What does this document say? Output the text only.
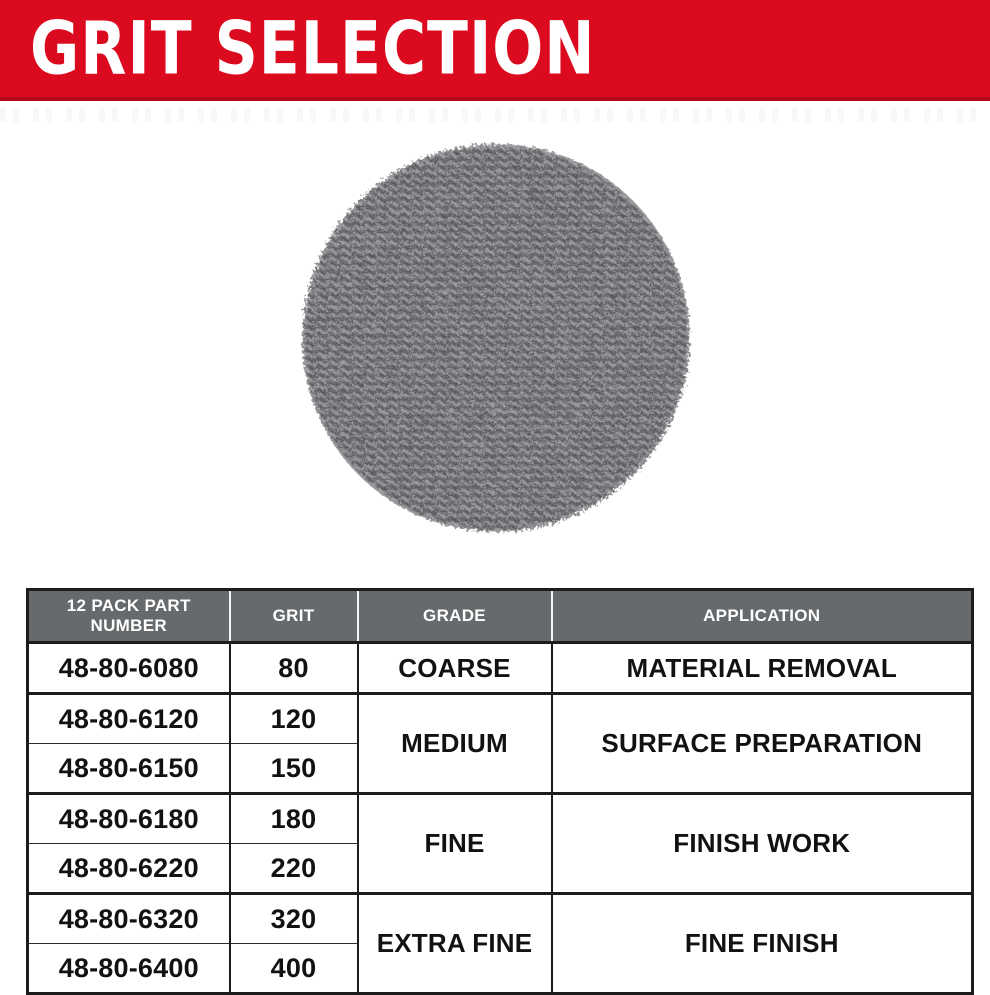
GRIT SELECTION
12 PACK PART NUMBER	GRIT	GRADE	APPLICATION
48-80-6080	80	COARSE	MATERIAL REMOVAL
48-80-6120	120	MEDIUM	SURFACE PREPARATION
48-80-6150	150		
48-80-6180	180	FINE	FINISH WORK
48-80-6220	220		
48-80-6320	320	EXTRA FINE	FINE FINISH
48-80-6400	400		
